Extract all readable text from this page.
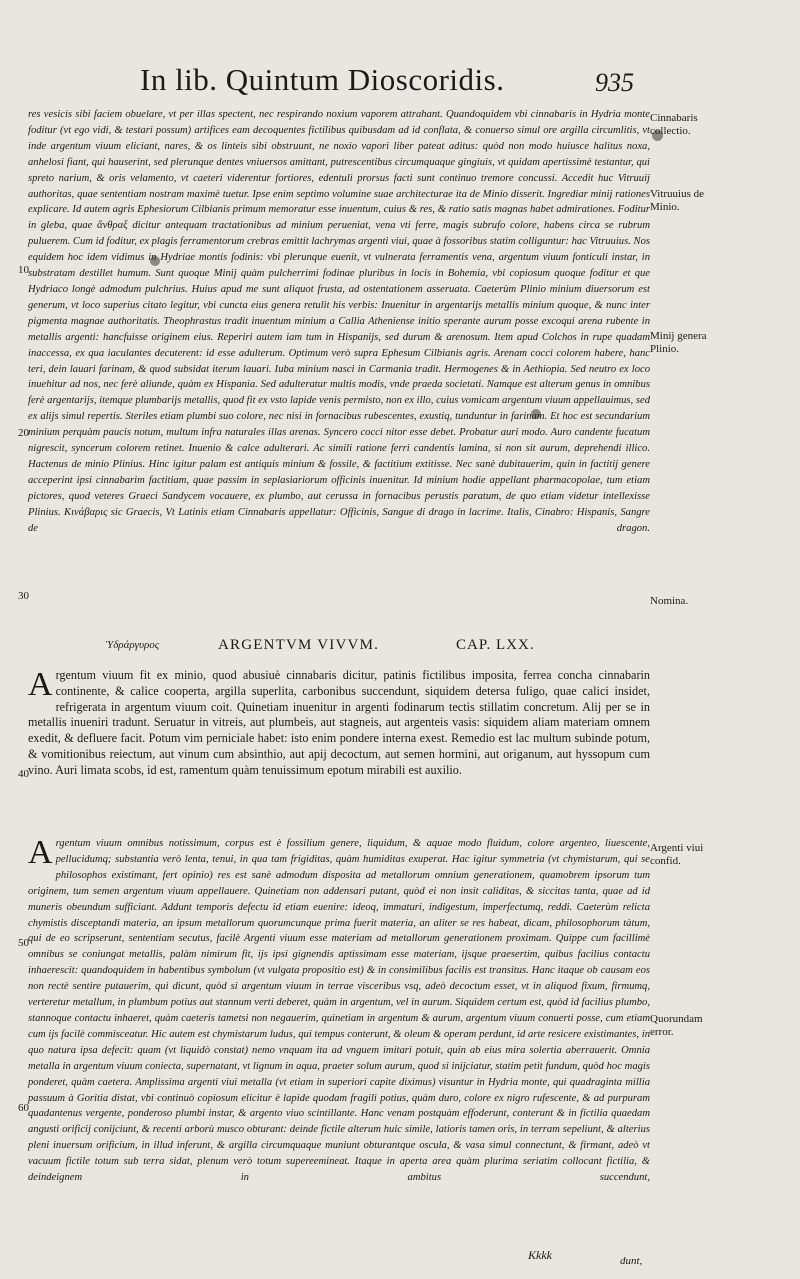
In lib. Quintum Dioscoridis.	935
Cinnabaris collectio.
Vitruuius de Minio.
Minij genera Plinio.
Nomina.
Argenti viui confid.
Quorundam error.
10
20
30
40
50
60

res vesicis sibi faciem obuelare, vt per illas spectent, nec respirando noxium vaporem attrahant. Quandoquidem vbi cinnabaris in Hydria monte foditur (vt ego vidi, & testari possum) artifices eam decoquentes fictilibus quibusdam ad id conflata, & conuerso simul ore argilla circumlitis, vt inde argentum viuum eliciant, nares, & os linteis sibi obstruunt, ne noxio vapori liber pateat aditus: quòd non modo huiusce halitus noxa, anhelosi fiant, qui hauserint, sed plerunque dentes vniuersos amittant, putrescentibus circumquaque gingiuis, vt quidam apertissimè testantur, qui spreto narium, & oris velamento, vt caeteri viderentur fortiores, edentuli prorsus facti sunt continuo tremore concussi. Accedit huc Vitruuij authoritas, quae sententiam nostram maximè tuetur. Ipse enim septimo volumine suae architecturae ita de Minio disserit. Ingrediar minij rationes explicare. Id autem agris Ephesiorum Cilbianis primum memoratur esse inuentum, cuius & res, & ratio satis magnas habet admirationes. Foditur in gleba, quae ἄνθραξ dicitur antequam tractationibus ad minium perueniat, vena vti ferre, magis subrufo colore, habens circa se rubrum puluerem. Cum id foditur, ex plagis ferramentorum crebras emittit lachrymas argenti viui, quae à fossoribus statim colliguntur: hac Vitruuius. Nos equidem hoc idem vidimus in Hydriae montis fodinis: vbi plerunque euenit, vt vulnerata ferramentis vena, argentum viuum fonticuli instar, in substratam destillet humum. Sunt quoque Minij quàm pulcherrimi fodinae pluribus in locis in Bohemia, vbi copiosum quoque foditur et que Hydriaco longè admodum pulchrius. Huius apud me sunt aliquot frusta, ad ostentationem asseruata. Caeterùm Plinio minium diuersorum est generum, vt loco superius citato legitur, vbi cuncta eius genera retulit his verbis: Inuenitur in argentarijs metallis minium quoque, & nunc inter pigmenta magnae authoritatis. Theophrastus tradit inuentum minium a Callia Atheniense initio sperante aurum posse excoqui arena rubente in metallis argenti: hancfuisse originem eius. Reperiri autem iam tum in Hispanijs, sed durum & arenosum. Item apud Colchos in rupe quadam inaccessa, ex qua iaculantes decuterent: id esse adulterum. Optimum verò supra Ephesum Cilbianis agris. Arenam cocci colorem habere, hanc teri, dein lauari farinam, & quod subsidat iterum lauari. Iuba minium nasci in Carmania tradit. Hermogenes & in Aethiopia. Sed neutro ex loco inuehitur ad nos, nec ferè aliunde, quàm ex Hispania. Sed adulteratur multis modis, vnde praeda societati. Namque est alterum genus in omnibus ferè argentarijs, itemque plumbarijs metallis, quod fit ex vsto lapide venis permisto, non ex illo, cuius vomicam argentum viuum appellauimus, sed ex alijs simul repertis. Steriles etiam plumbi suo colore, nec nisi in fornacibus rubescentes, exustiq, tunduntur in farinam. Et hoc est secundarium minium perquàm paucis notum, multum infra naturales illas arenas. Syncero cocci nitor esse debet. Probatur auri modo. Auro candente fucatum nigrescit, syncerum colorem retinet. Inuenio & calce adulterari. Ac simili ratione ferri candentis lamina, si non sit aurum, deprehendi illico. Hactenus de minio Plinius. Hinc igitur palam est antiquis minium & fossile, & factitium extitisse. Nec sanè dubitauerim, quin in factitij genere acceperint ipsi cinnabarim factitiam, quae passim in seplasiariorum officinis inuenitur. Id minium hodie appellant pharmacopolae, tum etiam pictores, quod veteres Graeci Sandycem vocauere, ex plumbo, aut cerussa in fornacibus perustis paratum, de quo etiam videtur intellexisse Plinius. Κινάβαρις sic Graecis, Vt Latinis etiam Cinnabaris appellatur: Officinis, Sangue di drago in lacrime. Italis, Cinabro: Hispanis, Sangre de dragon.

Ὑδράργυρος	ARGENTVM VIVVM.	CAP. LXX.

Argentum viuum fit ex minio, quod abusiuè cinnabaris dicitur, patinis fictilibus imposita, ferrea concha cinnabarin continente, & calice cooperta, argilla superlita, carbonibus succendunt, siquidem detersa fuligo, quae calici insidet, refrigerata in argentum viuum coit. Quinetiam inuenitur in argenti fodinarum tectis stillatim concretum. Alij per se in metallis inueniri tradunt. Seruatur in vitreis, aut plumbeis, aut stagneis, aut argenteis vasis: siquidem aliam materiam omnem exedit, & defluere facit. Potum vim perniciale habet: isto enim pondere interna exest. Remedio est lac multum subinde potum, & vomitionibus reiectum, aut vinum cum absinthio, aut apij decoctum, aut semen hormini, aut origanum, aut hyssopum cum vino. Auri limata scobs, id est, ramentum quàm tenuissimum epotum mirabili est auxilio.

Argentum viuum omnibus notissimum, corpus est è fossilium genere, liquidum, & aquae modo fluidum, colore argenteo, liuescente, pellucidumq; substantia verò lenta, tenui, in qua tam frigiditas, quàm humiditas exuperat. Hac igitur symmetria (vt chymistarum, qui se philosophos existimant, fert opinio) res est sanè admodum disposita ad metallorum omnium generationem, quamobrem ipsorum tum originem, tum semen argentum viuum appellauere. Quinetiam non addensari putant, quòd ei non insit caliditas, & siccitas tanta, quae ad id muneris obeundum sufficiant. Addunt temporis defectu id etiam euenire: ideoq, immaturi, indigestum, imperfectumq, reddi. Caeterùm relicta chymistis disceptandi materia, an ipsum metallorum quorumcunque prima fuerit materia, an aliter se res habeat, dicam, philosophorum tàtum, qui de eo scripserunt, sententiam secutus, facilè Argenti viuum esse materiam ad metallorum generationem proximam. Quippe cum facillimè omnibus se coniungat metallis, palàm nimirum fit, ijs ipsi gignendis aptissimam esse materiam, ijsque praesertim, quibus facilius contactu inhaerescit: quandoquidem in habentibus symbolum (vt vulgata propositio est) & in consimilibus facilis est transitus. Hanc itaque ob causam eos non rectè sentire putauerim, qui dicunt, quòd si argentum viuum in terrae visceribus vsq, adeò decoctum esset, vt in aliquod fixum, firmumq, verteretur metallum, in plumbum potius aut stannum verti deberet, quàm in argentum, vel in aurum. Siquidem certum est, quòd id facilius plumbo, stannoque contactu inhaeret, quàm caeteris tametsi non negauerim, quinetiam in argentum & aurum, argentum viuum conuerti posse, cum etiam cum ijs facilè commisceatur. Hic autem est chymistarum ludus, qui tempus conterunt, & oleum & operam perdunt, id arte resicere existimantes, in quo natura ipsa defecit: quam (vt liquidò constat) nemo vnquam ita ad vnguem imitari potuit, quin ab eius mira solertia aberrauerit. Omnia metalla in argentum viuum coniecta, supernatant, vt lignum in aqua, praeter solum aurum, quod si inijciatur, statim petit fundum, quòd hoc magis ponderet, quàm caetera. Amplissima argenti viui metalla (vt etiam in superiori capite diximus) visuntur in Hydria monte, qui quadraginta millia passuum à Goritia distat, vbi continuò copiosum elicitur è lapide quodam fragili potius, quàm duro, colore ex nigro rufescente, & ad purpuram quadantenus vergente, ponderoso plumbi instar, & argento viuo scintillante. Hanc venam postquàm effoderunt, conterunt & in fictilia quaedam angusti orificij conijciunt, & recenti arborù musco obturant: deinde fictile alterum huic simile, latioris tamen oris, in terram sepeliunt, & alterius pleni inuersum orificium, in illud inferunt, & argilla circumquaque muniunt obturantque oscula, & vasa simul connectunt, & firmant, adeò vt vacuum fictile totum sub terra sidat, plenum verò totum supereemineat. Itaque in aperta area quàm plurima seriatim collocant fictilia, & deindeignem in ambitus succendunt,

Kkkk	dunt,
